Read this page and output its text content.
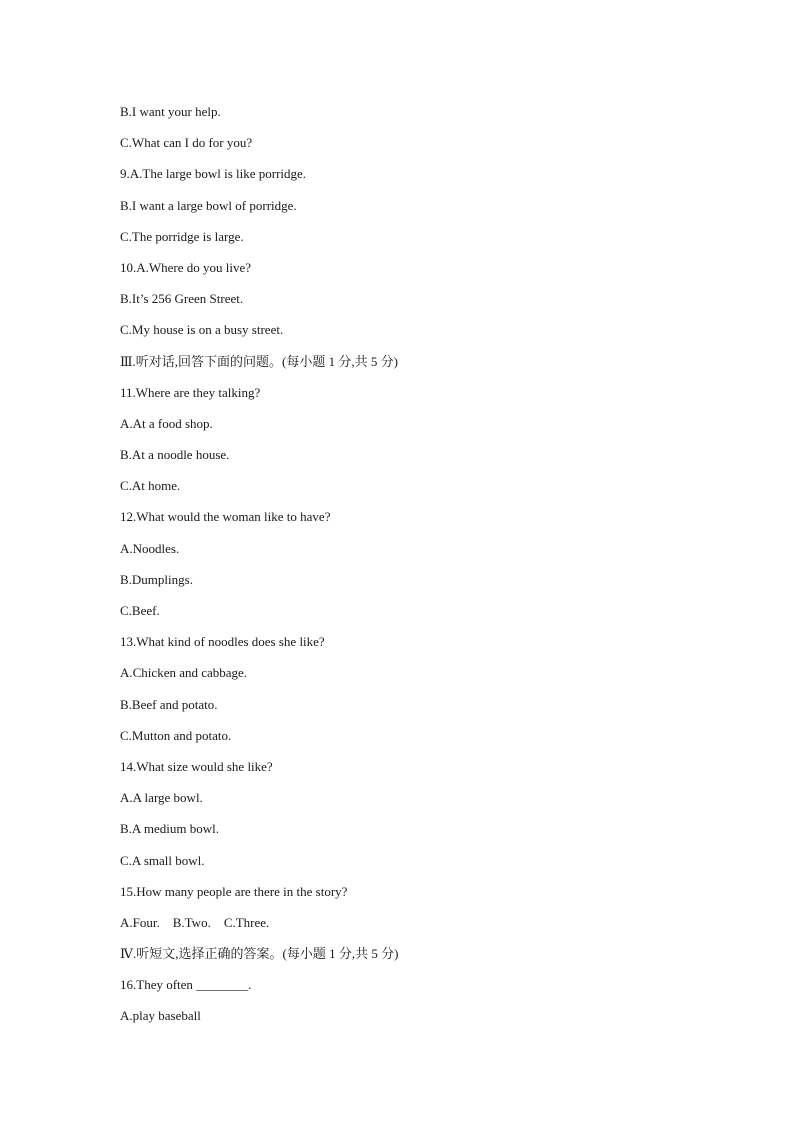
B.I want your help.
C.What can I do for you?
9.A.The large bowl is like porridge.
B.I want a large bowl of porridge.
C.The porridge is large.
10.A.Where do you live?
B.It’s 256 Green Street.
C.My house is on a busy street.
Ⅲ.听对话,回答下面的问题。(每小题 1 分,共 5 分)
11.Where are they talking?
A.At a food shop.
B.At a noodle house.
C.At home.
12.What would the woman like to have?
A.Noodles.
B.Dumplings.
C.Beef.
13.What kind of noodles does she like?
A.Chicken and cabbage.
B.Beef and potato.
C.Mutton and potato.
14.What size would she like?
A.A large bowl.
B.A medium bowl.
C.A small bowl.
15.How many people are there in the story?
A.Four.    B.Two.    C.Three.
Ⅳ.听短文,选择正确的答案。(每小题 1 分,共 5 分)
16.They often ________.
A.play baseball
